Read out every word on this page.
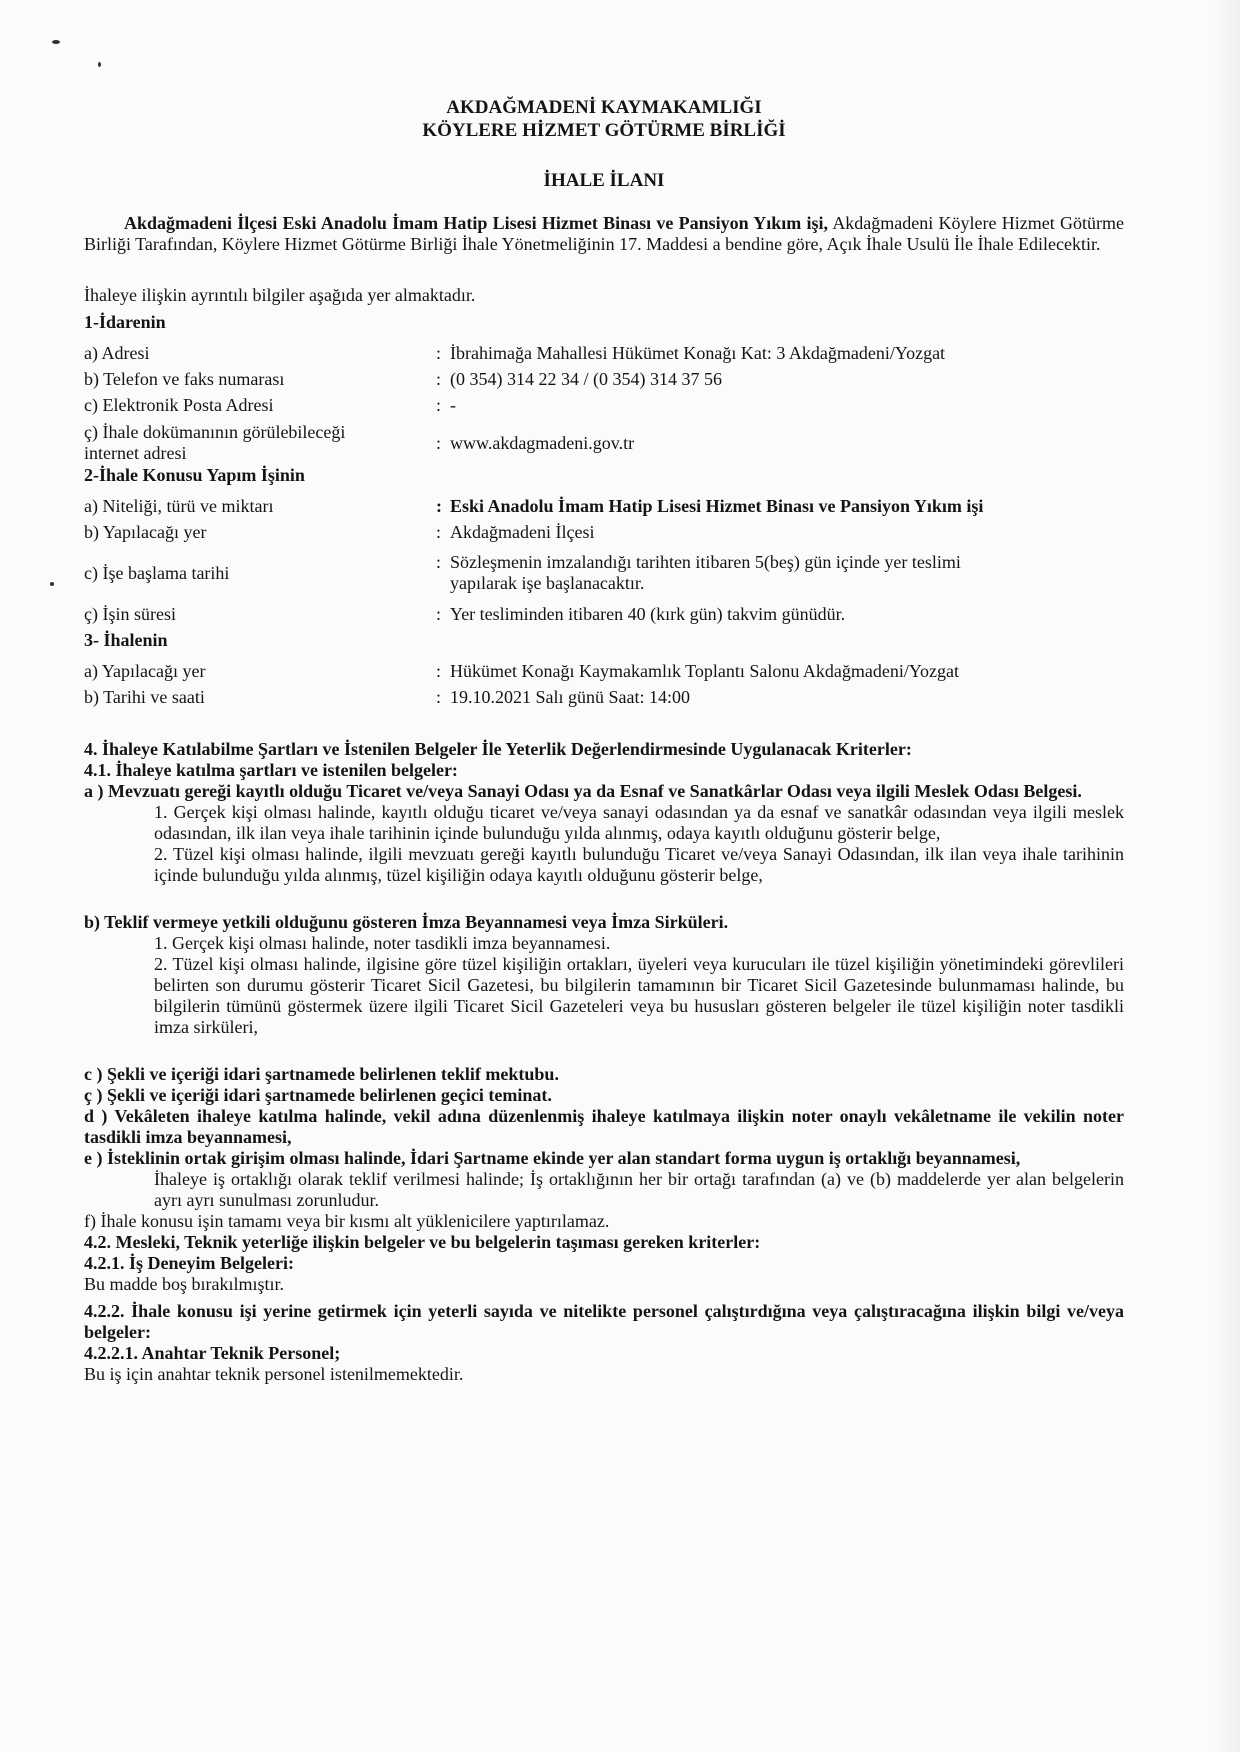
AKDAĞMADENİ KAYMAKAMLIĞI
KÖYLERE HİZMET GÖTÜRME BİRLİĞİ
İHALE İLANI

Akdağmadeni İlçesi Eski Anadolu İmam Hatip Lisesi Hizmet Binası ve Pansiyon Yıkım işi, Akdağmadeni Köylere Hizmet Götürme Birliği Tarafından, Köylere Hizmet Götürme Birliği İhale Yönetmeliğinin 17. Maddesi a bendine göre, Açık İhale Usulü İle İhale Edilecektir.

İhaleye ilişkin ayrıntılı bilgiler aşağıda yer almaktadır.

1-İdarenin

a) Adresi	: İbrahimağa Mahallesi Hükümet Konağı Kat: 3 Akdağmadeni/Yozgat
b) Telefon ve faks numarası	: (0 354) 314 22 34 / (0 354) 314 37 56
c) Elektronik Posta Adresi	: -
ç) İhale dokümanının görülebileceği internet adresi
: www.akdagmadeni.gov.tr

2-İhale Konusu Yapım İşinin

a) Niteliği, türü ve miktarı	: Eski Anadolu İmam Hatip Lisesi Hizmet Binası ve Pansiyon Yıkım işi
b) Yapılacağı yer	: Akdağmadeni İlçesi
c) İşe başlama tarihi
: Sözleşmenin imzalandığı tarihten itibaren 5(beş) gün içinde yer teslimi yapılarak işe başlanacaktır.
ç) İşin süresi	: Yer tesliminden itibaren 40 (kırk gün) takvim günüdür.

3- İhalenin

a) Yapılacağı yer	: Hükümet Konağı Kaymakamlık Toplantı Salonu Akdağmadeni/Yozgat
b) Tarihi ve saati	: 19.10.2021 Salı günü Saat: 14:00

4. İhaleye Katılabilme Şartları ve İstenilen Belgeler İle Yeterlik Değerlendirmesinde Uygulanacak Kriterler:

4.1. İhaleye katılma şartları ve istenilen belgeler:

a ) Mevzuatı gereği kayıtlı olduğu Ticaret ve/veya Sanayi Odası ya da Esnaf ve Sanatkârlar Odası veya ilgili Meslek Odası Belgesi.

1. Gerçek kişi olması halinde, kayıtlı olduğu ticaret ve/veya sanayi odasından ya da esnaf ve sanatkâr odasından veya ilgili meslek odasından, ilk ilan veya ihale tarihinin içinde bulunduğu yılda alınmış, odaya kayıtlı olduğunu gösterir belge,

2. Tüzel kişi olması halinde, ilgili mevzuatı gereği kayıtlı bulunduğu Ticaret ve/veya Sanayi Odasından, ilk ilan veya ihale tarihinin içinde bulunduğu yılda alınmış, tüzel kişiliğin odaya kayıtlı olduğunu gösterir belge,

b) Teklif vermeye yetkili olduğunu gösteren İmza Beyannamesi veya İmza Sirküleri.

1. Gerçek kişi olması halinde, noter tasdikli imza beyannamesi.

2. Tüzel kişi olması halinde, ilgisine göre tüzel kişiliğin ortakları, üyeleri veya kurucuları ile tüzel kişiliğin yönetimindeki görevlileri belirten son durumu gösterir Ticaret Sicil Gazetesi, bu bilgilerin tamamının bir Ticaret Sicil Gazetesinde bulunmaması halinde, bu bilgilerin tümünü göstermek üzere ilgili Ticaret Sicil Gazeteleri veya bu hususları gösteren belgeler ile tüzel kişiliğin noter tasdikli imza sirküleri,

c ) Şekli ve içeriği idari şartnamede belirlenen teklif mektubu.

ç ) Şekli ve içeriği idari şartnamede belirlenen geçici teminat.

d ) Vekâleten ihaleye katılma halinde, vekil adına düzenlenmiş ihaleye katılmaya ilişkin noter onaylı vekâletname ile vekilin noter tasdikli imza beyannamesi,

e ) İsteklinin ortak girişim olması halinde, İdari Şartname ekinde yer alan standart forma uygun iş ortaklığı beyannamesi,

İhaleye iş ortaklığı olarak teklif verilmesi halinde; İş ortaklığının her bir ortağı tarafından (a) ve (b) maddelerde yer alan belgelerin ayrı ayrı sunulması zorunludur.

f) İhale konusu işin tamamı veya bir kısmı alt yüklenicilere yaptırılamaz.

4.2. Mesleki, Teknik yeterliğe ilişkin belgeler ve bu belgelerin taşıması gereken kriterler:

4.2.1. İş Deneyim Belgeleri:

Bu madde boş bırakılmıştır.

4.2.2. İhale konusu işi yerine getirmek için yeterli sayıda ve nitelikte personel çalıştırdığına veya çalıştıracağına ilişkin bilgi ve/veya belgeler:

4.2.2.1. Anahtar Teknik Personel;

Bu iş için anahtar teknik personel istenilmemektedir.
